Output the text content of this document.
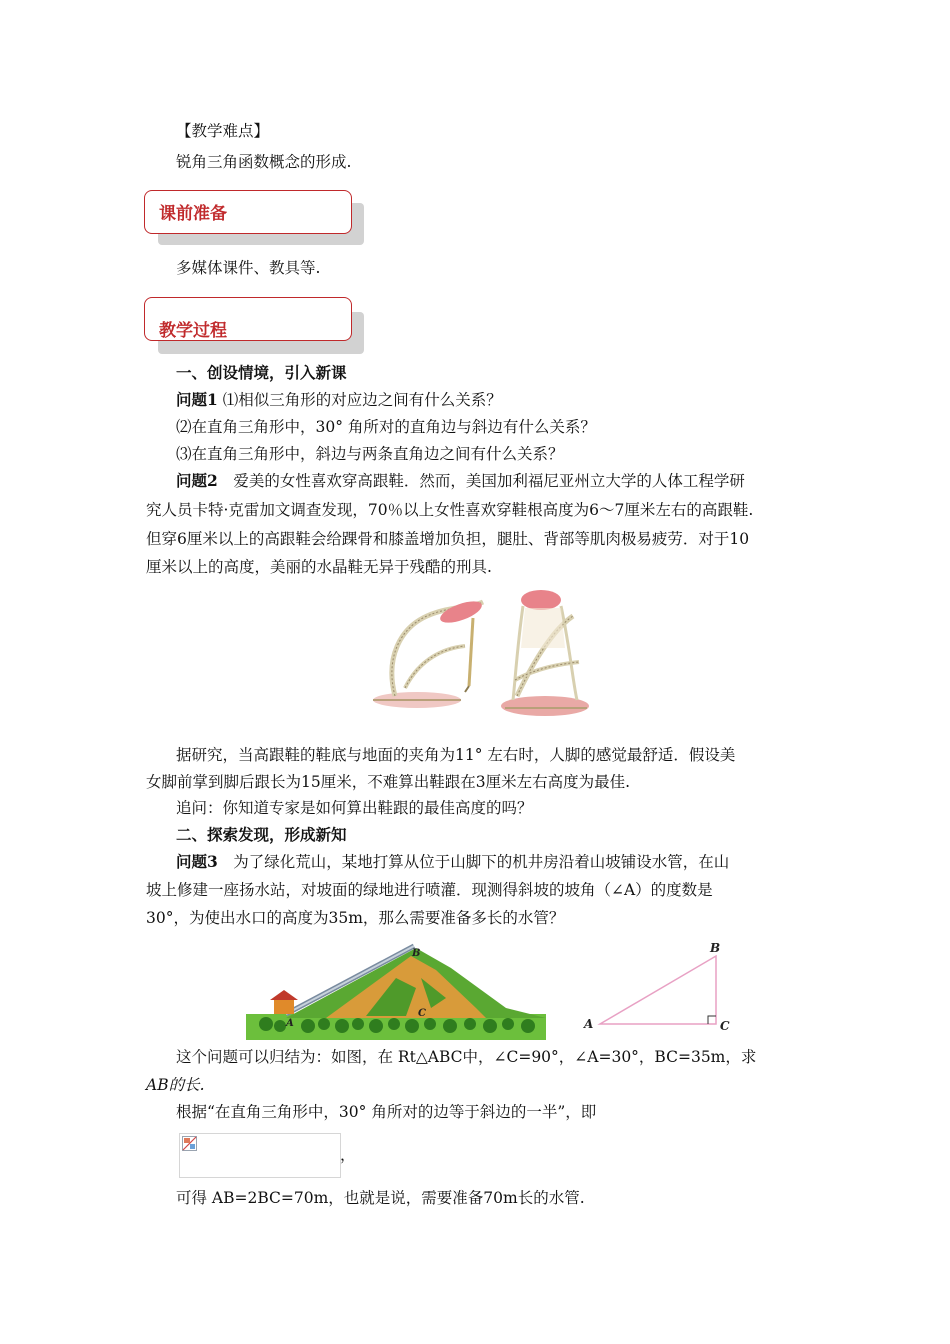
【教学难点】
锐角三角函数概念的形成.
课前准备
多媒体课件、教具等.
教学过程
一、创设情境，引入新课
问题1 ⑴相似三角形的对应边之间有什么关系？
⑵在直角三角形中，30° 角所对的直角边与斜边有什么关系？
⑶在直角三角形中，斜边与两条直角边之间有什么关系？
问题2　 爱美的女性喜欢穿高跟鞋．然而，美国加利福尼亚州立大学的人体工程学研
究人员卡特·克雷加文调查发现，70％以上女性喜欢穿鞋根高度为6～7厘米左右的高跟鞋.
但穿6厘米以上的高跟鞋会给踝骨和膝盖增加负担，腿肚、背部等肌肉极易疲劳．对于10
厘米以上的高度，美丽的水晶鞋无异于残酷的刑具.
据研究，当高跟鞋的鞋底与地面的夹角为11° 左右时，人脚的感觉最舒适．假设美
女脚前掌到脚后跟长为15厘米，不难算出鞋跟在3厘米左右高度为最佳.
追问：你知道专家是如何算出鞋跟的最佳高度的吗？
二、探索发现，形成新知
问题3　为了绿化荒山，某地打算从位于山脚下的机井房沿着山坡铺设水管，在山
坡上修建一座扬水站，对坡面的绿地进行喷灌．现测得斜坡的坡角（∠A）的度数是
30°，为使出水口的高度为35m，那么需要准备多长的水管？
A
B
C
A
B
C
这个问题可以归结为：如图，在 Rt△ABC中，∠C=90°，∠A=30°，BC=35m，求
AB的长.
根据“在直角三角形中，30° 角所对的边等于斜边的一半”，即
，
可得 AB=2BC=70m，也就是说，需要准备70m长的水管.
